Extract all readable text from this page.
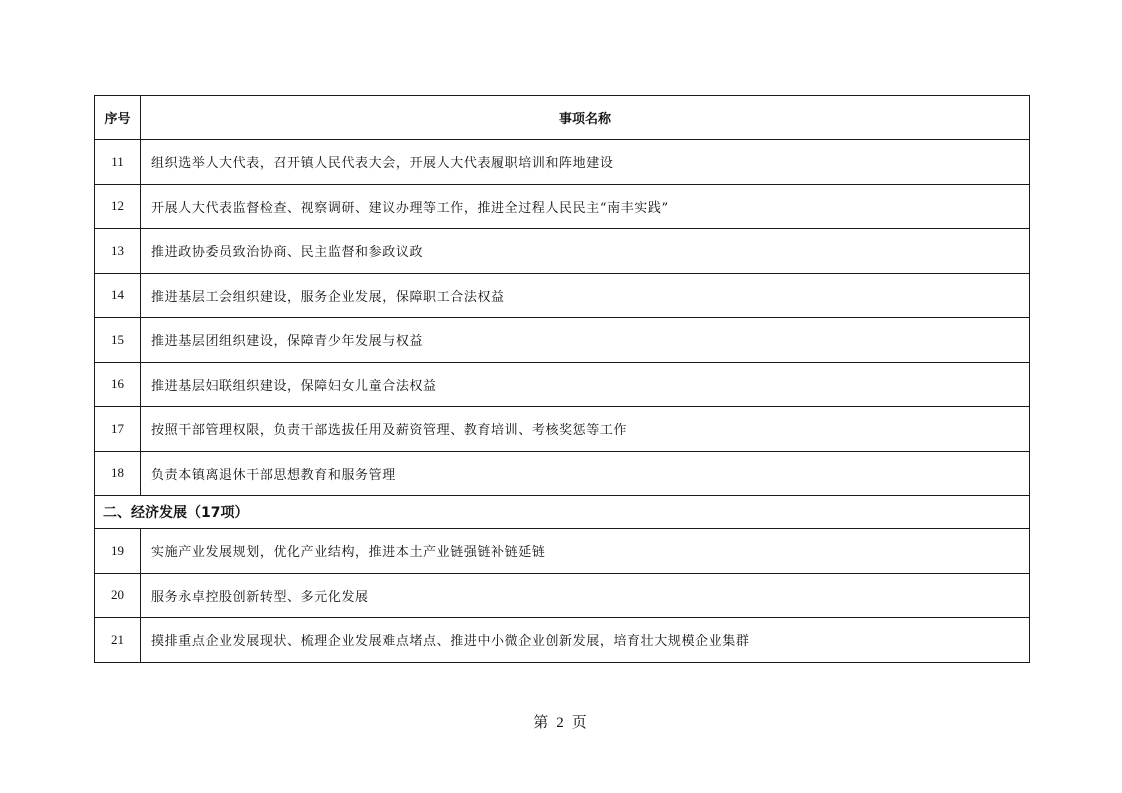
序号	事项名称
11	组织选举人大代表，召开镇人民代表大会，开展人大代表履职培训和阵地建设
12	开展人大代表监督检查、视察调研、建议办理等工作，推进全过程人民民主“南丰实践”
13	推进政协委员致治协商、民主监督和参政议政
14	推进基层工会组织建设，服务企业发展，保障职工合法权益
15	推进基层团组织建设，保障青少年发展与权益
16	推进基层妇联组织建设，保障妇女儿童合法权益
17	按照干部管理权限，负责干部选拔任用及薪资管理、教育培训、考核奖惩等工作
18	负责本镇离退休干部思想教育和服务管理
二、经济发展（17项）	
19	实施产业发展规划，优化产业结构，推进本土产业链强链补链延链
20	服务永卓控股创新转型、多元化发展
21	摸排重点企业发展现状、梳理企业发展难点堵点、推进中小微企业创新发展，培育壮大规模企业集群
第 2 页
